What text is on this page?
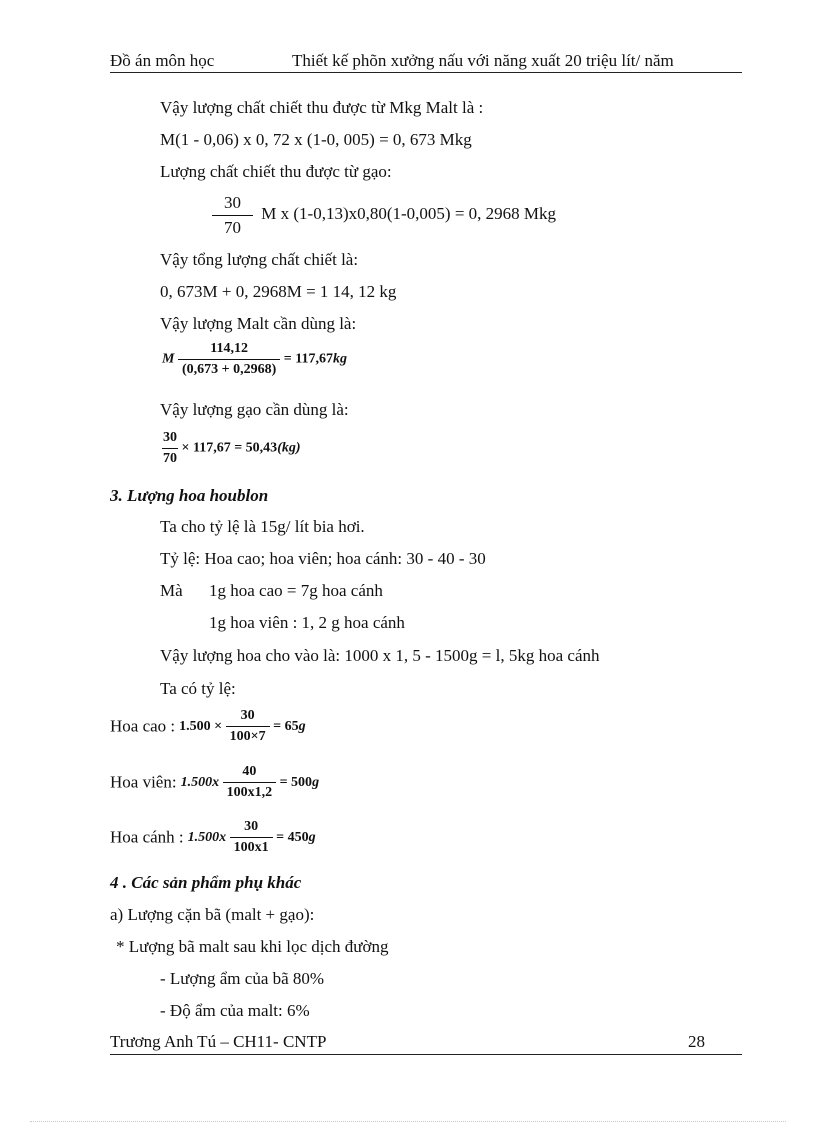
Đồ án môn học	Thiết kế phõn xưởng nấu với năng xuất 20 triệu lít/ năm
Vậy lượng chất chiết thu được từ Mkg Malt là :
M(1 - 0,06) x 0, 72 x (1-0, 005) = 0, 673 Mkg
Lượng chất chiết thu được từ gạo:
$\frac{30}{70}$ M x (1-0,13)x0,80(1-0,005) = 0, 2968 Mkg
Vậy tổng lượng chất chiết là:
0, 673M + 0, 2968M = 1 14, 12 kg
Vậy lượng Malt cần dùng là:
M $\frac{114,12}{(0,673 + 0,2968)} = 117,67kg$
Vậy lượng gạo cần dùng là:
$\frac{30}{70} \times 117,67 = 50,43(kg)$
3. Lượng hoa houblon
Ta cho tỷ lệ là 15g/ lít bia hơi.
Tỷ lệ: Hoa cao; hoa viên; hoa cánh: 30 - 40 - 30
Mà 1g hoa cao = 7g hoa cánh
1g hoa viên : 1, 2 g hoa cánh
Vậy lượng hoa cho vào là: 1000 x 1, 5 - 1500g = l, 5kg hoa cánh
Ta có tỷ lệ:
Hoa cao : $1.500 \times \frac{30}{100\times 7} = 65g$
Hoa viên: $1.500x \frac{40}{100x1,2} = 500g$
Hoa cánh : $1.500x \frac{30}{100x1} = 450g$
4 . Các sản phẩm phụ khác
a) Lượng cặn bã (malt + gạo):
* Lượng bã malt sau khi lọc dịch đường
- Lượng ẩm của bã 80%
- Độ ẩm của malt: 6%
Trương Anh Tú – CH11- CNTP	28
